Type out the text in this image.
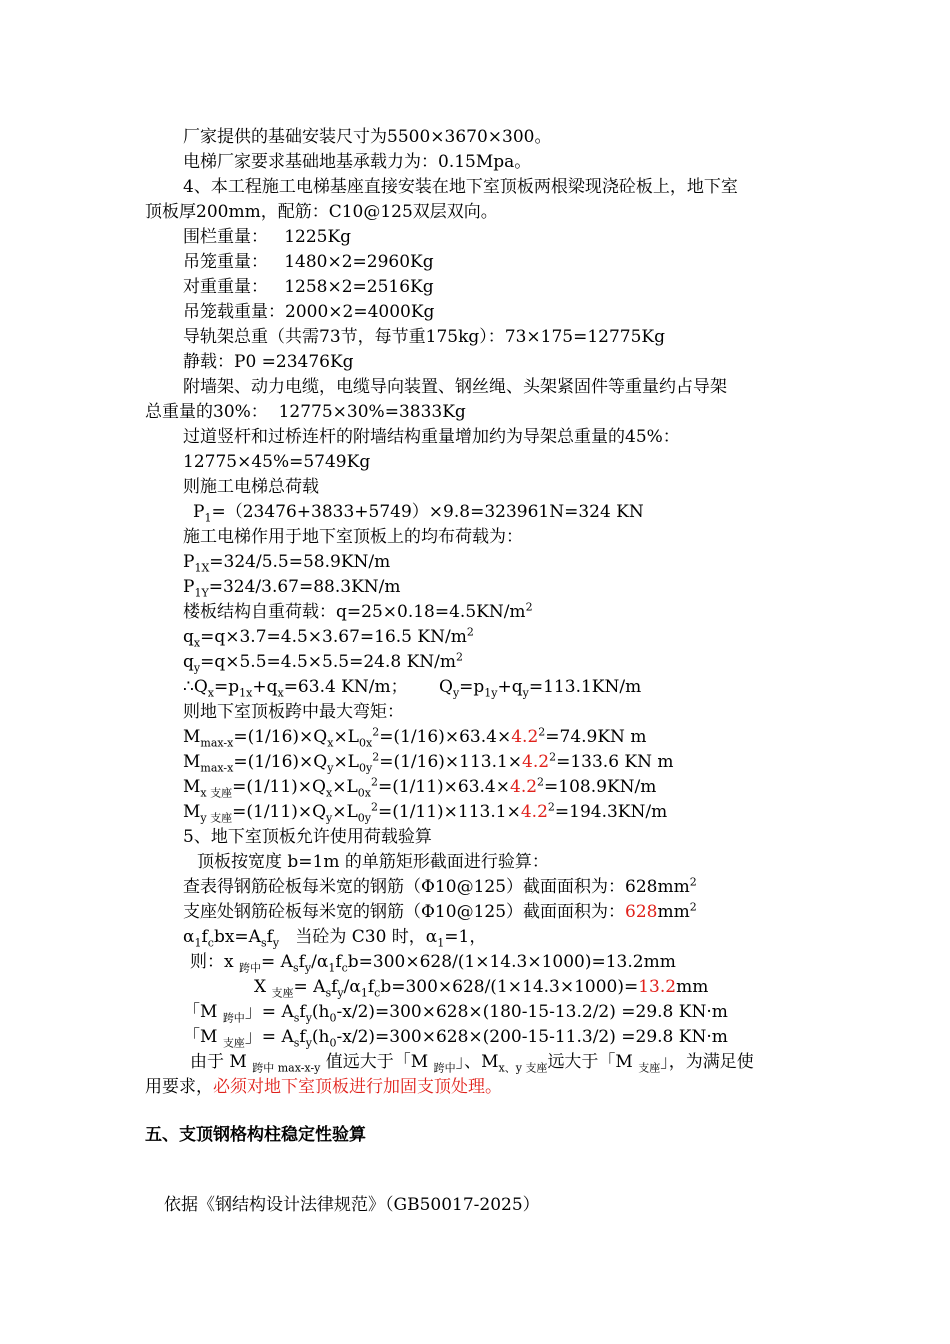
厂家提供的基础安装尺寸为5500×3670×300。
电梯厂家要求基础地基承载力为：0.15Mpa。
4、本工程施工电梯基座直接安装在地下室顶板两根梁现浇砼板上，地下室
顶板厚200mm，配筋：C10@125双层双向。
围栏重量：   1225Kg
吊笼重量：   1480×2=2960Kg
对重重量：   1258×2=2516Kg
吊笼载重量：2000×2=4000Kg
导轨架总重（共需73节，每节重175kg）：73×175=12775Kg
静载：P0 =23476Kg
附墙架、动力电缆，电缆导向装置、钢丝绳、头架紧固件等重量约占导架
总重量的30%：  12775×30%=3833Kg
过道竖杆和过桥连杆的附墙结构重量增加约为导架总重量的45%：
12775×45%=5749Kg
则施工电梯总荷载
$P_1=(23476+3833+5749)\times 9.8=323961N=324$ KN
施工电梯作用于地下室顶板上的均布荷载为：
$P_{1X}=324/5.5=58.9KN/m$
$P_{1Y}=324/3.67=88.3KN/m$
楼板结构自重荷载：$q=25\times 0.18=4.5KN/m^2$
$q_x=q\times 3.7=4.5\times 3.67=16.5$ $KN/m^2$
$q_y=q\times 5.5=4.5\times 5.5=24.8$ $KN/m^2$
$\therefore Q_x=p_{1x}+q_x=63.4$ KN/m； $Q_y=p_{1y}+q_y=113.1KN/m$
则地下室顶板跨中最大弯矩：
$M_{max-x}=(1/16)\times Q_x\times L_{0x}^2=(1/16)\times 63.4\times 4.2^2=74.9KN$ m
$M_{max-x}=(1/16)\times Q_y\times L_{0y}^2=(1/16)\times 113.1\times 4.2^2=133.6$ KN m
$M_{x 支座}=(1/11)\times Q_x\times L_{0x}^2=(1/11)\times 63.4\times 4.2^2=108.9KN/m$
$M_{y 支座}=(1/11)\times Q_y\times L_{0y}^2=(1/11)\times 113.1\times 4.2^2=194.3KN/m$
5、地下室顶板允许使用荷载验算
顶板按宽度 b=1m 的单筋矩形截面进行验算：
查表得钢筋砼板每米宽的钢筋（Φ10@125）截面面积为：$628mm^2$
支座处钢筋砼板每米宽的钢筋（Φ10@125）截面面积为：$628mm^2$
$\alpha_1f_cbx=A_sf_y$   当砼为 C30 时，$\alpha_1=1$，
则：x $_{跨中}= A_sf_y/\alpha_1f_cb=300\times 628/(1\times 14.3\times 1000)=13.2mm$
X $_{支座}= A_sf_y/\alpha_1f_cb=300\times 628/(1\times 14.3\times 1000)=13.2mm$
「M $_{跨中}$」= $A_sf_y(h_0-x/2)=300\times 628\times(180-15-13.2/2) =29.8$ KN·m
「M $_{支座}$」= $A_sf_y(h_0-x/2)=300\times 628\times(200-15-11.3/2) =29.8$ KN·m
由于 M $_{跨中 max-x-y}$ 值远大于「M $_{跨中}$」、$M_{x、y 支座}$远大于「M $_{支座}$」，为满足使
用要求，必须对地下室顶板进行加固支顶处理。
五、支顶钢格构柱稳定性验算
依据《钢结构设计法律规范》（GB50017-2025）
